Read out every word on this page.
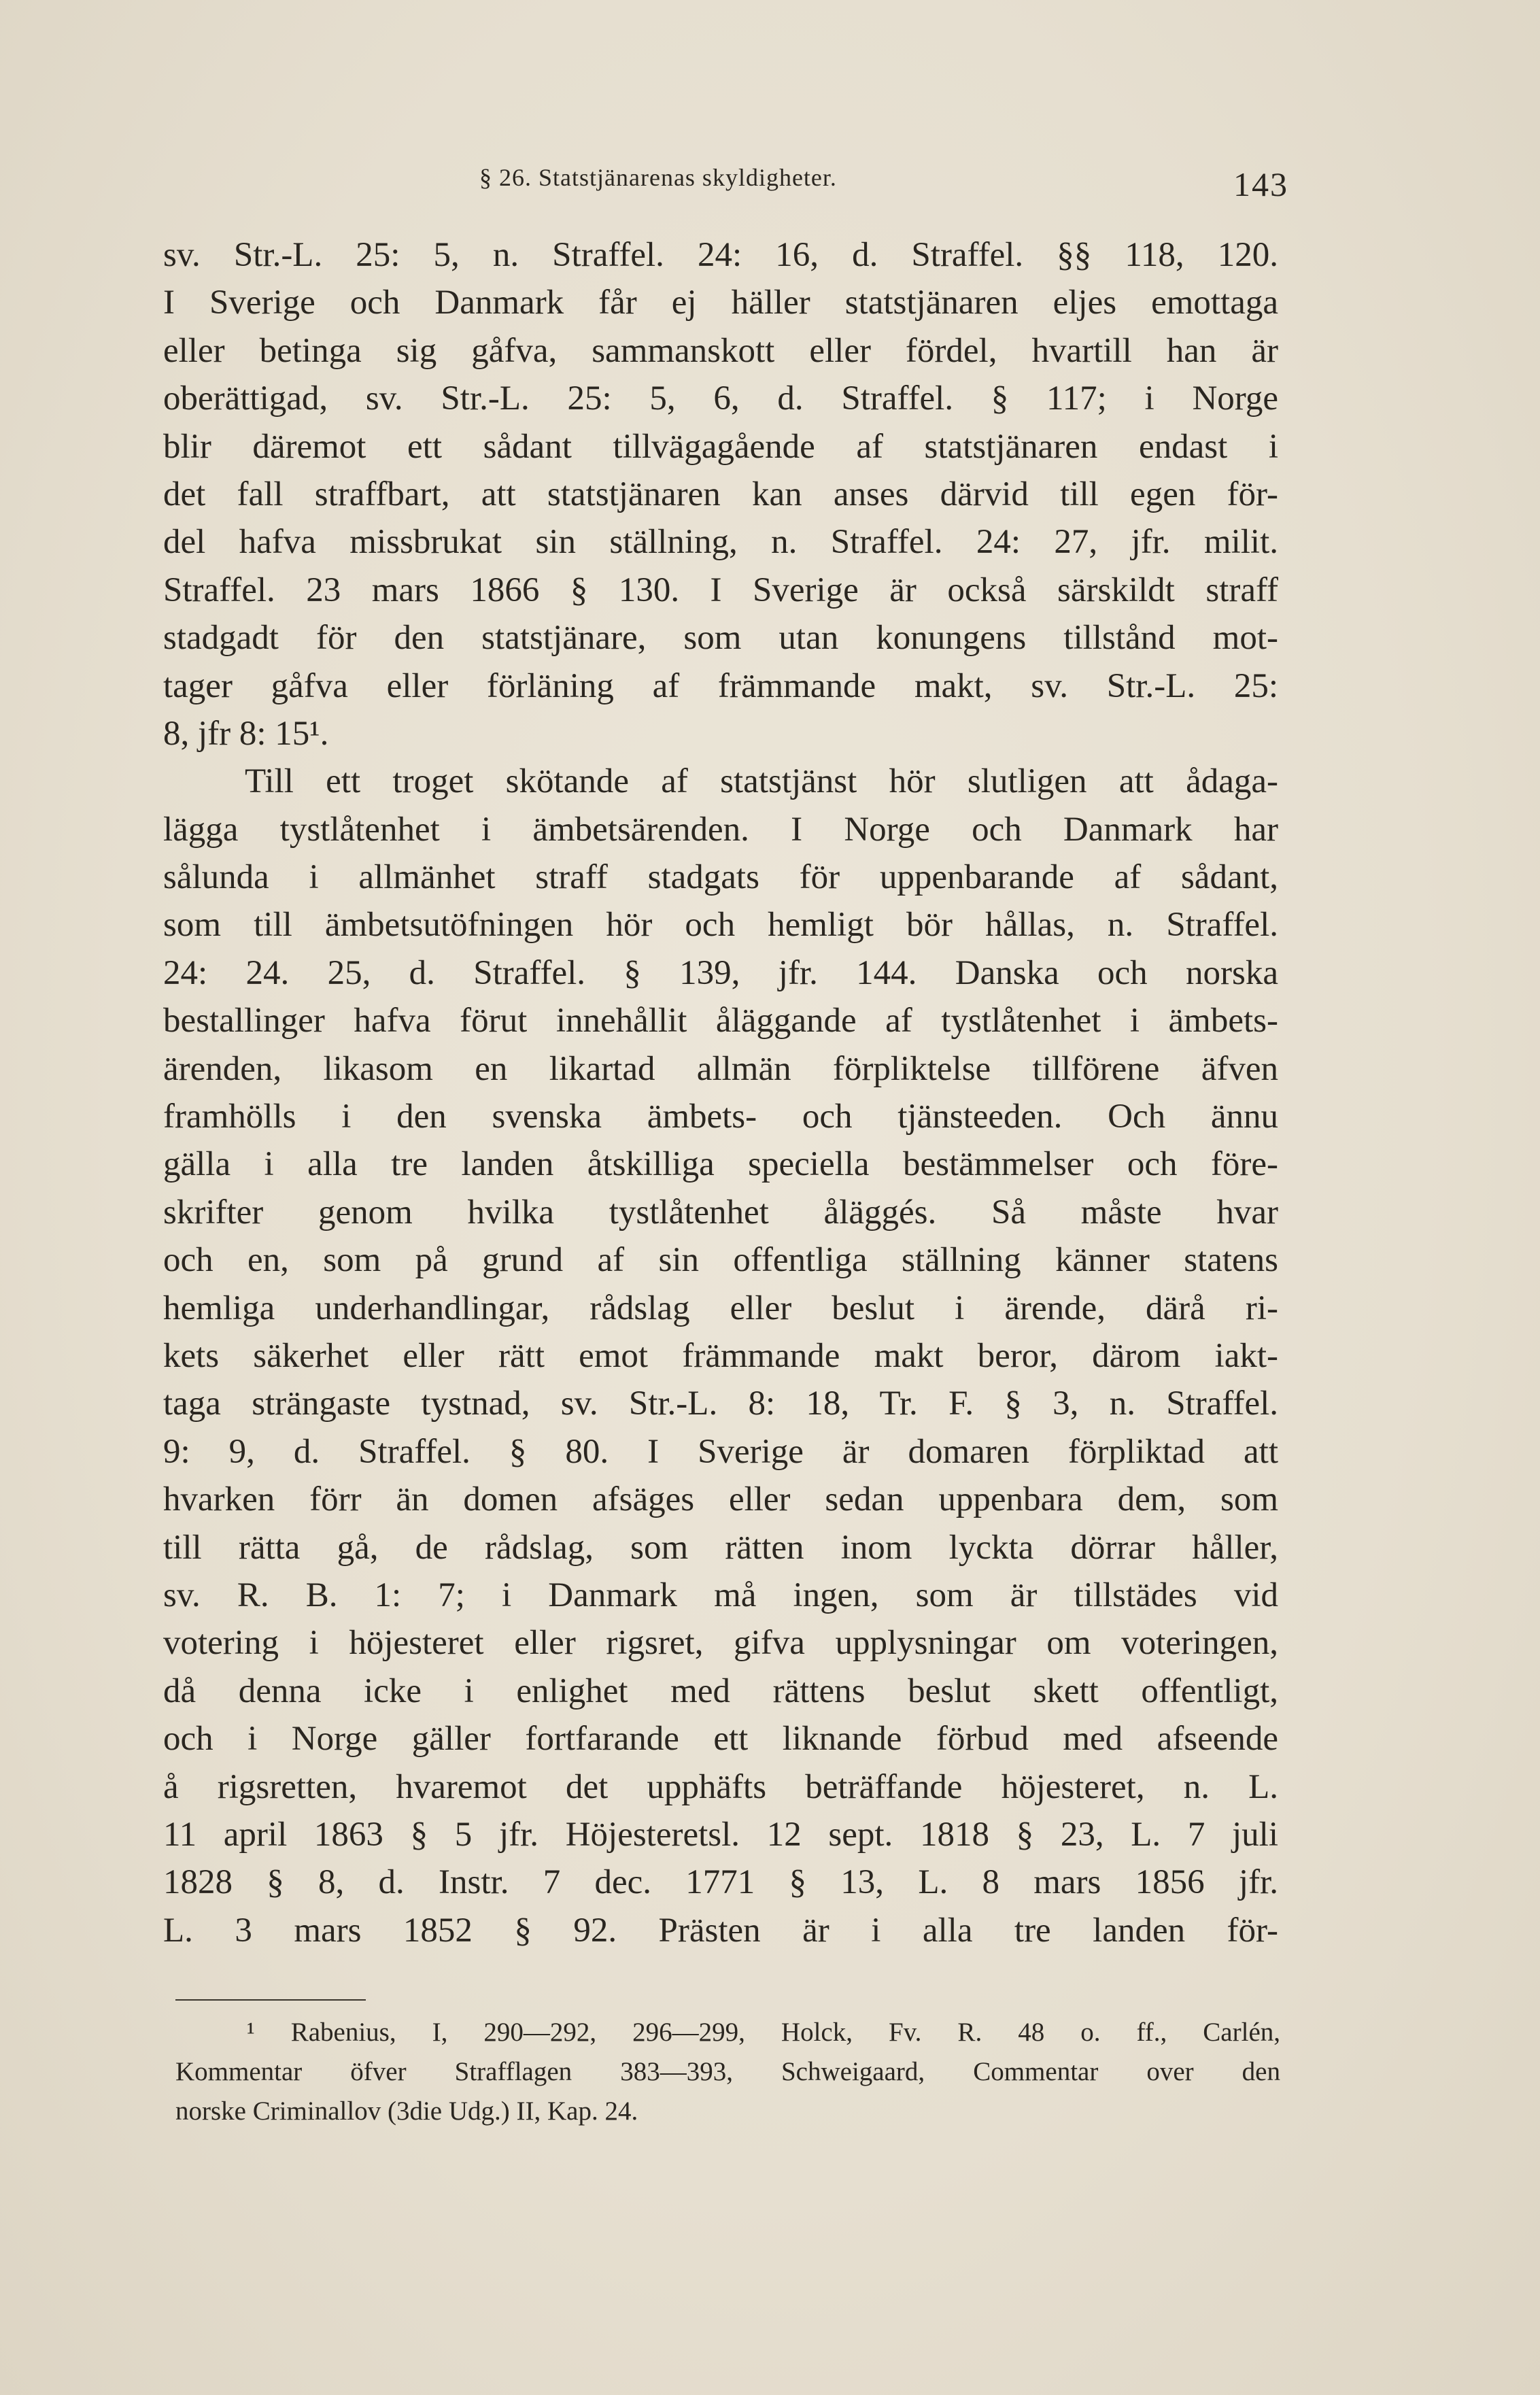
§ 26. Statstjänarenas skyldigheter.	143
sv. Str.-L. 25: 5, n. Straffel. 24: 16, d. Straffel. §§ 118, 120.
I Sverige och Danmark får ej häller statstjänaren eljes emottaga
eller betinga sig gåfva, sammanskott eller fördel, hvartill han är
oberättigad, sv. Str.-L. 25: 5, 6, d. Straffel. § 117; i Norge
blir däremot ett sådant tillvägagående af statstjänaren endast i
det fall straffbart, att statstjänaren kan anses därvid till egen för-
del hafva missbrukat sin ställning, n. Straffel. 24: 27, jfr. milit.
Straffel. 23 mars 1866 § 130. I Sverige är också särskildt straff
stadgadt för den statstjänare, som utan konungens tillstånd mot-
tager gåfva eller förläning af främmande makt, sv. Str.-L. 25:
8, jfr 8: 15¹.
Till ett troget skötande af statstjänst hör slutligen att ådaga-
lägga tystlåtenhet i ämbetsärenden. I Norge och Danmark har
sålunda i allmänhet straff stadgats för uppenbarande af sådant,
som till ämbetsutöfningen hör och hemligt bör hållas, n. Straffel.
24: 24. 25, d. Straffel. § 139, jfr. 144. Danska och norska
bestallinger hafva förut innehållit åläggande af tystlåtenhet i ämbets-
ärenden, likasom en likartad allmän förpliktelse tillförene äfven
framhölls i den svenska ämbets- och tjänsteeden. Och ännu
gälla i alla tre landen åtskilliga speciella bestämmelser och före-
skrifter genom hvilka tystlåtenhet åläggés. Så måste hvar
och en, som på grund af sin offentliga ställning känner statens
hemliga underhandlingar, rådslag eller beslut i ärende, därå ri-
kets säkerhet eller rätt emot främmande makt beror, därom iakt-
taga strängaste tystnad, sv. Str.-L. 8: 18, Tr. F. § 3, n. Straffel.
9: 9, d. Straffel. § 80. I Sverige är domaren förpliktad att
hvarken förr än domen afsäges eller sedan uppenbara dem, som
till rätta gå, de rådslag, som rätten inom lyckta dörrar håller,
sv. R. B. 1: 7; i Danmark må ingen, som är tillstädes vid
votering i höjesteret eller rigsret, gifva upplysningar om voteringen,
då denna icke i enlighet med rättens beslut skett offentligt,
och i Norge gäller fortfarande ett liknande förbud med afseende
å rigsretten, hvaremot det upphäfts beträffande höjesteret, n. L.
11 april 1863 § 5 jfr. Höjesteretsl. 12 sept. 1818 § 23, L. 7 juli
1828 § 8, d. Instr. 7 dec. 1771 § 13, L. 8 mars 1856 jfr.
L. 3 mars 1852 § 92. Prästen är i alla tre landen för-
¹ Rabenius, I, 290—292, 296—299, Holck, Fv. R. 48 o. ff., Carlén,
Kommentar öfver Strafflagen 383—393, Schweigaard, Commentar over den
norske Criminallov (3die Udg.) II, Kap. 24.
